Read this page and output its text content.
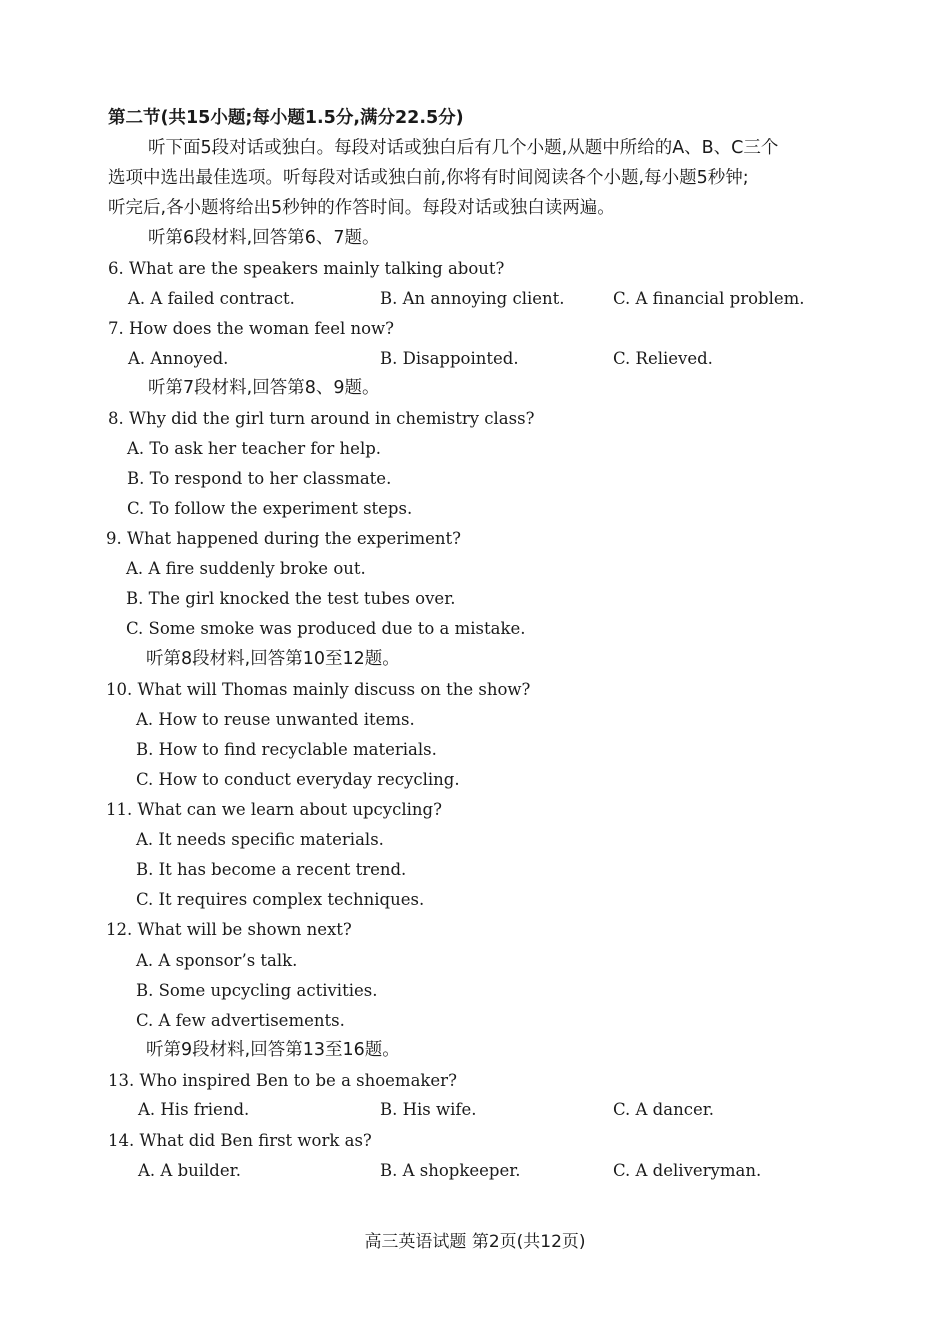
第二节(共15小题;每小题1.5分,满分22.5分)
听下面5段对话或独白。每段对话或独白后有几个小题,从题中所给的A、B、C三个
选项中选出最佳选项。听每段对话或独白前,你将有时间阅读各个小题,每小题5秒钟;
听完后,各小题将给出5秒钟的作答时间。每段对话或独白读两遍。
听第6段材料,回答第6、7题。
6. What are the speakers mainly talking about?
A. A failed contract.	B. An annoying client.	C. A financial problem.
7. How does the woman feel now?
A. Annoyed.	B. Disappointed.	C. Relieved.
听第7段材料,回答第8、9题。
8. Why did the girl turn around in chemistry class?
A. To ask her teacher for help.
B. To respond to her classmate.
C. To follow the experiment steps.
9. What happened during the experiment?
A. A fire suddenly broke out.
B. The girl knocked the test tubes over.
C. Some smoke was produced due to a mistake.
听第8段材料,回答第10至12题。
10. What will Thomas mainly discuss on the show?
A. How to reuse unwanted items.
B. How to find recyclable materials.
C. How to conduct everyday recycling.
11. What can we learn about upcycling?
A. It needs specific materials.
B. It has become a recent trend.
C. It requires complex techniques.
12. What will be shown next?
A. A sponsor’s talk.
B. Some upcycling activities.
C. A few advertisements.
听第9段材料,回答第13至16题。
13. Who inspired Ben to be a shoemaker?
A. His friend.	B. His wife.	C. A dancer.
14. What did Ben first work as?
A. A builder.	B. A shopkeeper.	C. A deliveryman.
高三英语试题 第2页(共12页)
